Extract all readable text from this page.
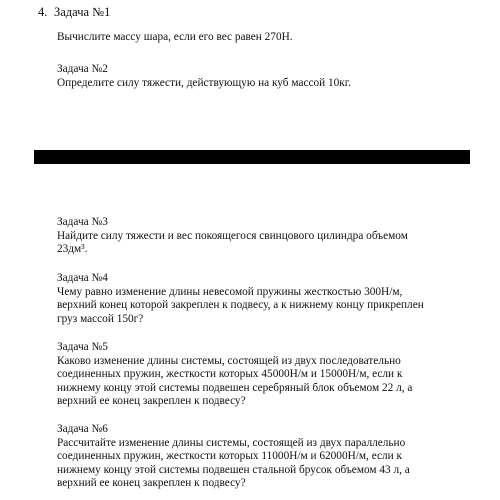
4. Задача №1
Вычислите массу шара, если его вес равен 270Н.
Задача №2
Определите силу тяжести, действующую на куб массой 10кг.
Задача №3
Найдите силу тяжести и вес покоящегося свинцового цилиндра объемом
23дм³.
Задача №4
Чему равно изменение длины невесомой пружины жесткостью 300Н/м,
верхний конец которой закреплен к подвесу, а к нижнему концу прикреплен
груз массой 150г?
Задача №5
Каково изменение длины системы, состоящей из двух последовательно
соединенных пружин, жесткости которых 45000Н/м и 15000Н/м, если к
нижнему концу этой системы подвешен серебряный блок объемом 22 л, а
верхний ее конец закреплен к подвесу?
Задача №6
Рассчитайте изменение длины системы, состоящей из двух параллельно
соединенных пружин, жесткости которых 11000Н/м и 62000Н/м, если к
нижнему концу этой системы подвешен стальной брусок объемом 43 л, а
верхний ее конец закреплен к подвесу?
